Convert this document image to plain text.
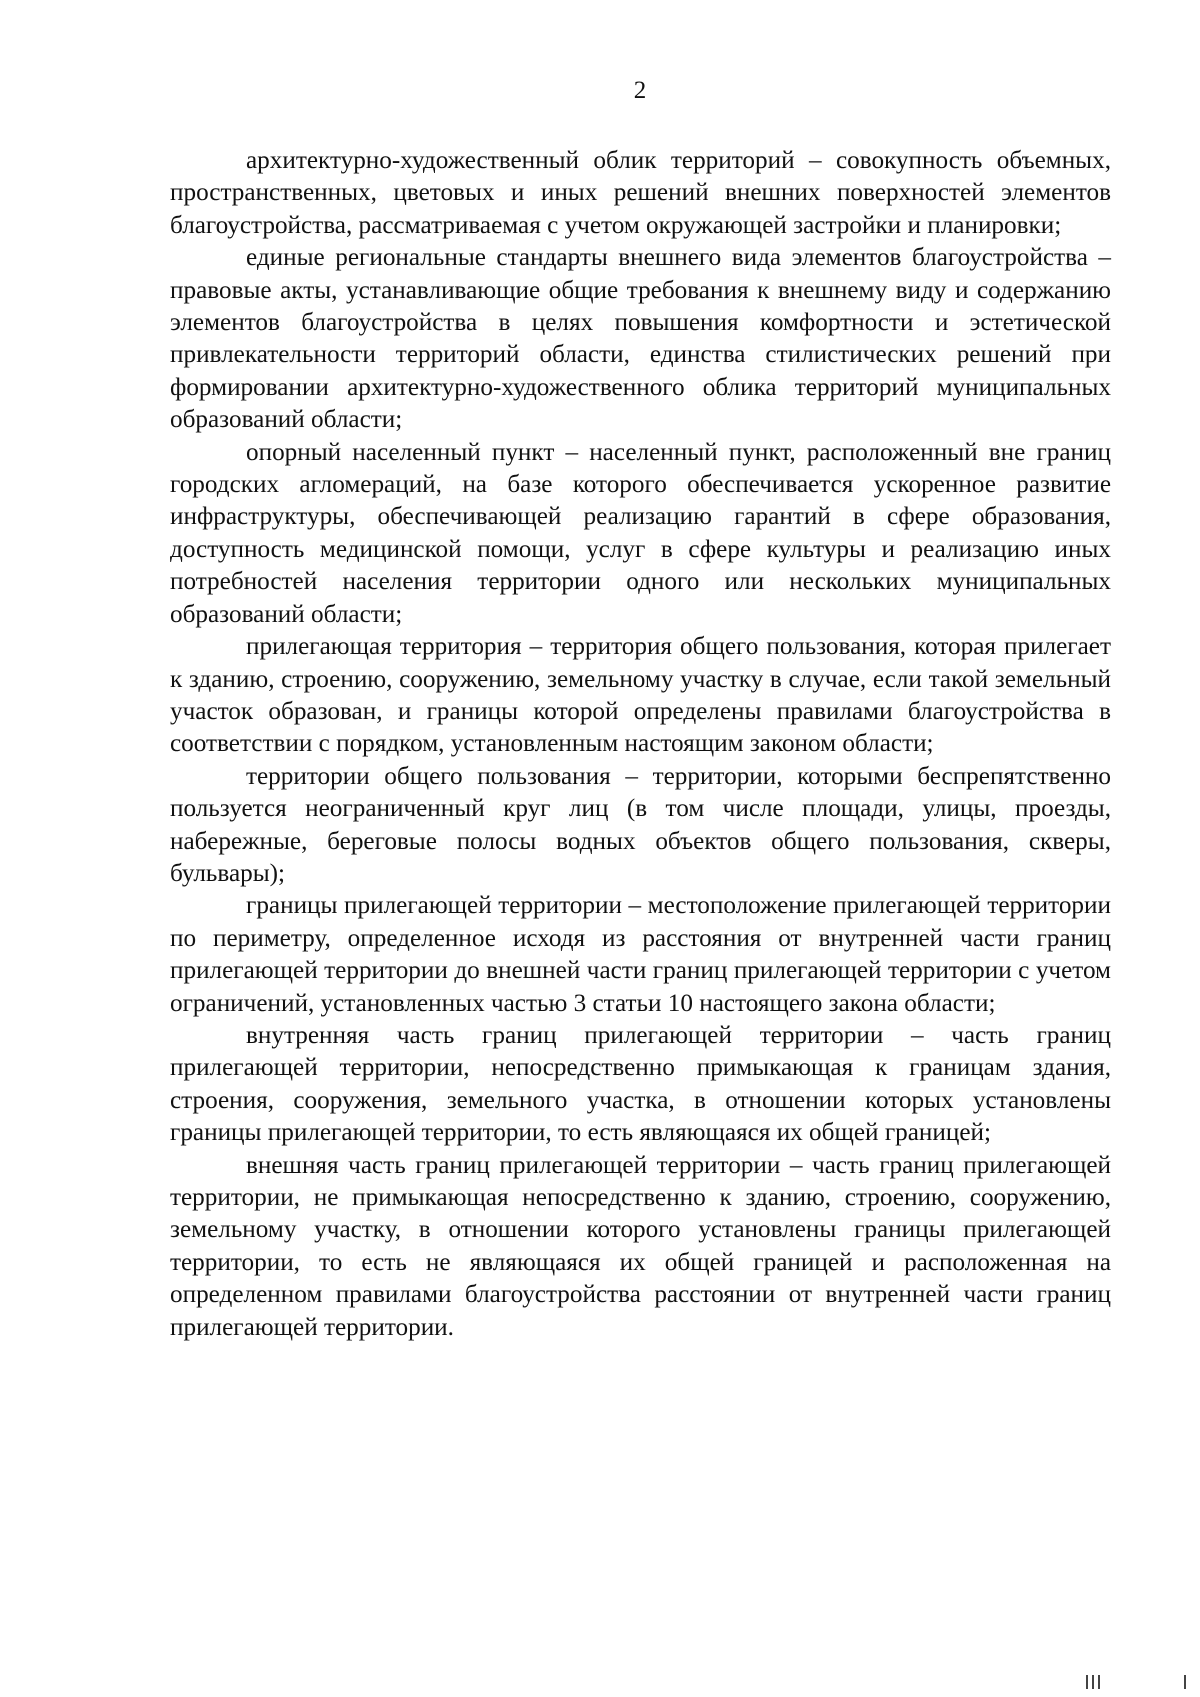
2

архитектурно-художественный облик территорий – совокупность объемных, пространственных, цветовых и иных решений внешних поверхностей элементов благоустройства, рассматриваемая с учетом окружающей застройки и планировки;

единые региональные стандарты внешнего вида элементов благоустройства – правовые акты, устанавливающие общие требования к внешнему виду и содержанию элементов благоустройства в целях повышения комфортности и эстетической привлекательности территорий области, единства стилистических решений при формировании архитектурно-художественного облика территорий муниципальных образований области;

опорный населенный пункт – населенный пункт, расположенный вне границ городских агломераций, на базе которого обеспечивается ускоренное развитие инфраструктуры, обеспечивающей реализацию гарантий в сфере образования, доступность медицинской помощи, услуг в сфере культуры и реализацию иных потребностей населения территории одного или нескольких муниципальных образований области;

прилегающая территория – территория общего пользования, которая прилегает к зданию, строению, сооружению, земельному участку в случае, если такой земельный участок образован, и границы которой определены правилами благоустройства в соответствии с порядком, установленным настоящим законом области;

территории общего пользования – территории, которыми беспрепятственно пользуется неограниченный круг лиц (в том числе площади, улицы, проезды, набережные, береговые полосы водных объектов общего пользования, скверы, бульвары);

границы прилегающей территории – местоположение прилегающей территории по периметру, определенное исходя из расстояния от внутренней части границ прилегающей территории до внешней части границ прилегающей территории с учетом ограничений, установленных частью 3 статьи 10 настоящего закона области;

внутренняя часть границ прилегающей территории – часть границ прилегающей территории, непосредственно примыкающая к границам здания, строения, сооружения, земельного участка, в отношении которых установлены границы прилегающей территории, то есть являющаяся их общей границей;

внешняя часть границ прилегающей территории – часть границ прилегающей территории, не примыкающая непосредственно к зданию, строению, сооружению, земельному участку, в отношении которого установлены границы прилегающей территории, то есть не являющаяся их общей границей и расположенная на определенном правилами благоустройства расстоянии от внутренней части границ прилегающей территории.
